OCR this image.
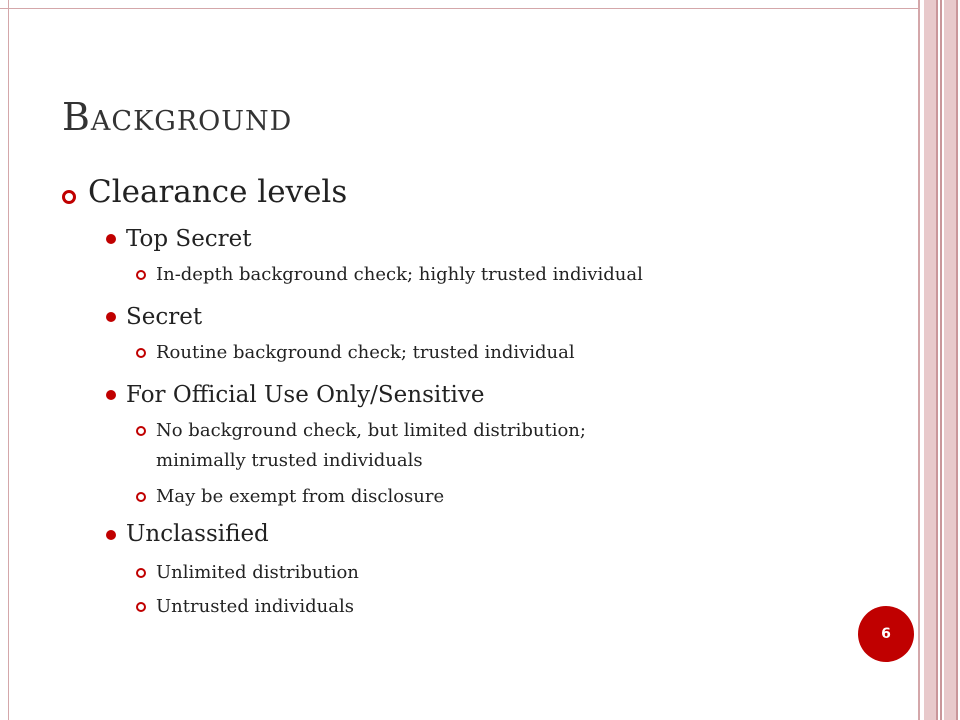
Background
Clearance levels
Top Secret
In-depth background check; highly trusted individual
Secret
Routine background check; trusted individual
For Official Use Only/Sensitive
No background check, but limited distribution;
minimally trusted individuals
May be exempt from disclosure
Unclassified
Unlimited distribution
Untrusted individuals
6
